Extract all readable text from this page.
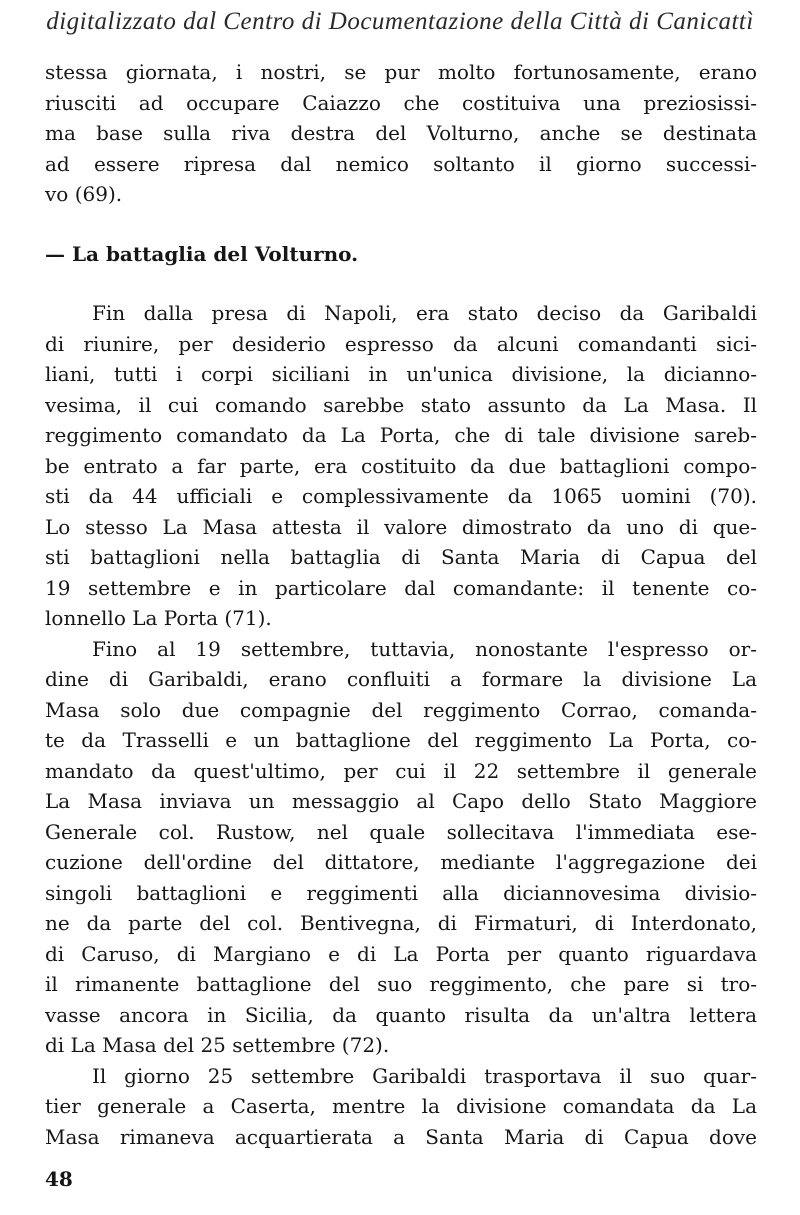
digitalizzato dal Centro di Documentazione della Città di Canicattì
stessa giornata, i nostri, se pur molto fortunosamente, erano
riusciti ad occupare Caiazzo che costituiva una preziosissi-
ma base sulla riva destra del Volturno, anche se destinata
ad essere ripresa dal nemico soltanto il giorno successi-
vo (69).
— La battaglia del Volturno.
Fin dalla presa di Napoli, era stato deciso da Garibaldi
di riunire, per desiderio espresso da alcuni comandanti sici-
liani, tutti i corpi siciliani in un'unica divisione, la dicianno-
vesima, il cui comando sarebbe stato assunto da La Masa. Il
reggimento comandato da La Porta, che di tale divisione sareb-
be entrato a far parte, era costituito da due battaglioni compo-
sti da 44 ufficiali e complessivamente da 1065 uomini (70).
Lo stesso La Masa attesta il valore dimostrato da uno di que-
sti battaglioni nella battaglia di Santa Maria di Capua del
19 settembre e in particolare dal comandante: il tenente co-
lonnello La Porta (71).
Fino al 19 settembre, tuttavia, nonostante l'espresso or-
dine di Garibaldi, erano confluiti a formare la divisione La
Masa solo due compagnie del reggimento Corrao, comanda-
te da Trasselli e un battaglione del reggimento La Porta, co-
mandato da quest'ultimo, per cui il 22 settembre il generale
La Masa inviava un messaggio al Capo dello Stato Maggiore
Generale col. Rustow, nel quale sollecitava l'immediata ese-
cuzione dell'ordine del dittatore, mediante l'aggregazione dei
singoli battaglioni e reggimenti alla diciannovesima divisio-
ne da parte del col. Bentivegna, di Firmaturi, di Interdonato,
di Caruso, di Margiano e di La Porta per quanto riguardava
il rimanente battaglione del suo reggimento, che pare si tro-
vasse ancora in Sicilia, da quanto risulta da un'altra lettera
di La Masa del 25 settembre (72).
Il giorno 25 settembre Garibaldi trasportava il suo quar-
tier generale a Caserta, mentre la divisione comandata da La
Masa rimaneva acquartierata a Santa Maria di Capua dove
48
